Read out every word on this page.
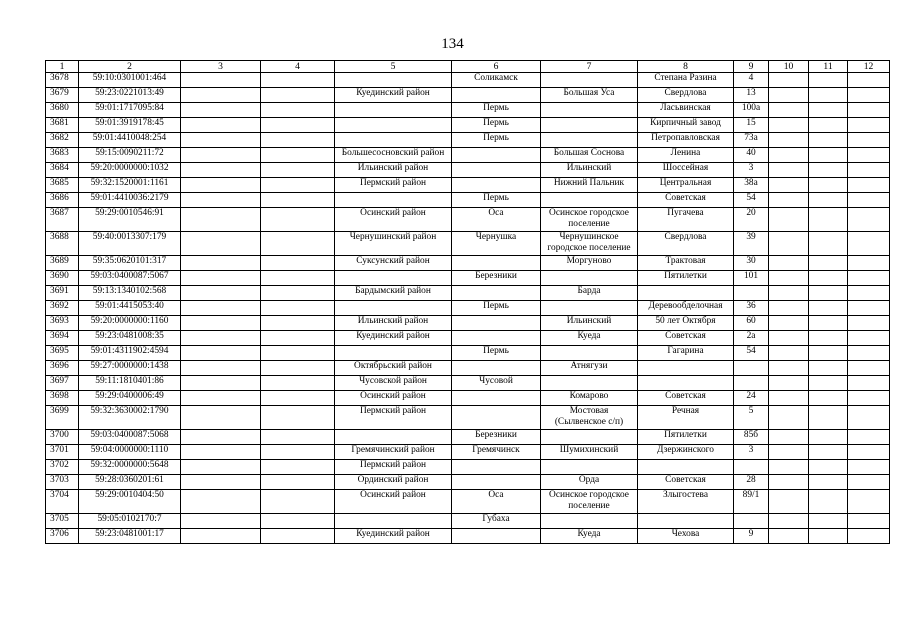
134
1	2	3	4	5	6	7	8	9	10	11	12
3678	59:10:0301001:464				Соликамск		Степана Разина	4			
3679	59:23:0221013:49			Куединский район		Большая Уса	Свердлова	13			
3680	59:01:1717095:84				Пермь		Ласьвинская	100а			
3681	59:01:3919178:45				Пермь		Кирпичный завод	15			
3682	59:01:4410048:254				Пермь		Петропавловская	73а			
3683	59:15:0090211:72			Большесосновский район		Большая Соснова	Ленина	40			
3684	59:20:0000000:1032			Ильинский район		Ильинский	Шоссейная	3			
3685	59:32:1520001:1161			Пермский район		Нижний Пальник	Центральная	38а			
3686	59:01:4410036:2179				Пермь		Советская	54			
3687	59:29:0010546:91			Осинский район	Оса	Осинское городское поселение	Пугачева	20			
3688	59:40:0013307:179			Чернушинский район	Чернушка	Чернушинское городское поселение	Свердлова	39			
3689	59:35:0620101:317			Суксунский район		Моргуново	Трактовая	30			
3690	59:03:0400087:5067				Березники		Пятилетки	101			
3691	59:13:1340102:568			Бардымский район		Барда					
3692	59:01:4415053:40				Пермь		Деревообделочная	36			
3693	59:20:0000000:1160			Ильинский район		Ильинский	50 лет Октября	60			
3694	59:23:0481008:35			Куединский район		Куеда	Советская	2а			
3695	59:01:4311902:4594				Пермь		Гагарина	54			
3696	59:27:0000000:1438			Октябрьский район		Атнягузи					
3697	59:11:1810401:86			Чусовской район	Чусовой						
3698	59:29:0400006:49			Осинский район		Комарово	Советская	24			
3699	59:32:3630002:1790			Пермский район		Мостовая (Сылвенское с/п)	Речная	5			
3700	59:03:0400087:5068				Березники		Пятилетки	85б			
3701	59:04:0000000:1110			Гремячинский район	Гремячинск	Шумихинский	Дзержинского	3			
3702	59:32:0000000:5648			Пермский район							
3703	59:28:0360201:61			Ординский район		Орда	Советская	28			
3704	59:29:0010404:50			Осинский район	Оса	Осинское городское поселение	Злыгостева	89/1			
3705	59:05:0102170:7				Губаха						
3706	59:23:0481001:17			Куединский район		Куеда	Чехова	9			
